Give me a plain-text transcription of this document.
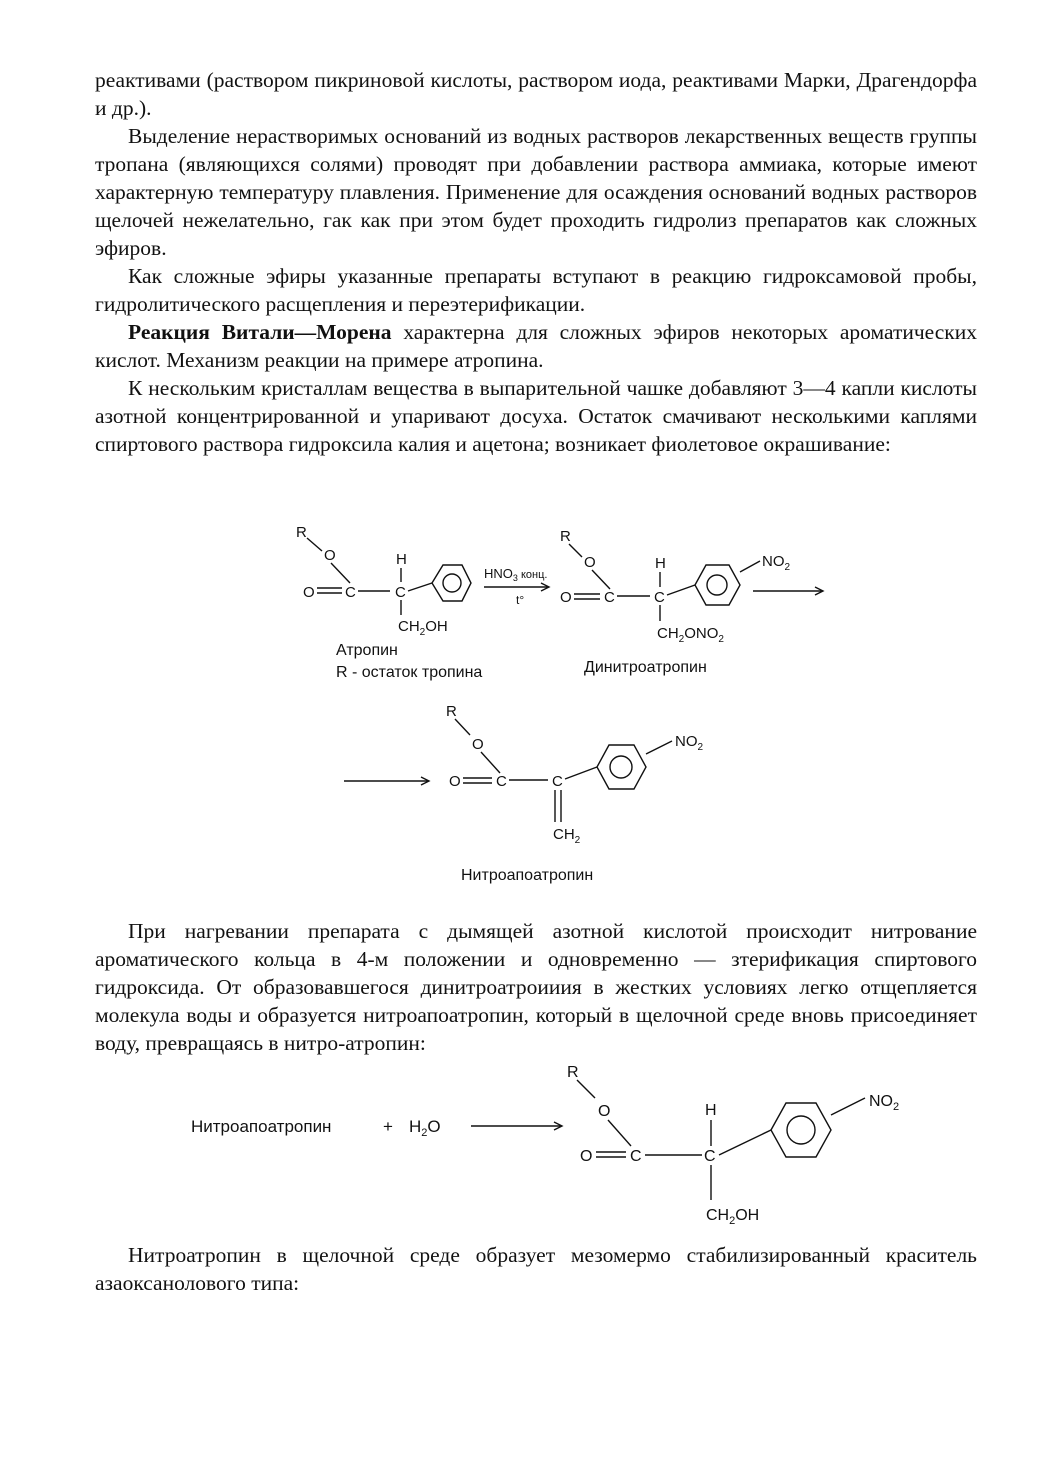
реактивами (раствором пикриновой кислоты, раствором иода, реактивами Марки, Драгендорфа и др.).

Выделение нерастворимых оснований из водных растворов лекарственных веществ группы тропана (являющихся солями) проводят при добавлении раствора аммиака, которые имеют характерную температуру плавления. Применение для осаждения оснований водных растворов щелочей нежелательно, гак как при этом будет проходить гидролиз препаратов как сложных эфиров.

Как сложные эфиры указанные препараты вступают в реакцию гидроксамовой пробы, гидролитического расщепления и переэтерификации.

Реакция Витали—Морена характерна для сложных эфиров некоторых ароматических кислот. Механизм реакции на примере атропина.

К нескольким кристаллам вещества в выпарительной чашке добавляют 3—4 капли кислоты азотной концентрированной и упаривают досуха. Остаток смачивают несколькими каплями спиртового раствора гидроксила калия и ацетона; возникает фиолетовое окрашивание:

R
O
O C
H
C
$CH_2OH$
Атропин
R - остаток тропина
$HNO_3$ $^{конц.}$
t°
R
O
O C
H
C
$CH_2ONO_2$
$NO_2$
Динитроатропин
R
O
O C	C
$CH_2$
$NO_2$
Нитроапоатропин

При нагревании препарата с дымящей азотной кислотой происходит нитрование ароматического кольца в 4-м положении и одновременно — зтерификация спиртового гидроксида. От образовавшегося динитроатроииия в жестких условиях легко отщепляется молекула воды и образуется нитроапоатропин, который в щелочной среде вновь присоединяет воду, превращаясь в нитро-атропин:

Нитроапоатропин	+ $H_2O$
R
O
O C
H
C
$CH_2OH$
$NO_2$

Нитроатропин в щелочной среде образует мезомермо стабилизированный краситель азаоксанолового типа:
